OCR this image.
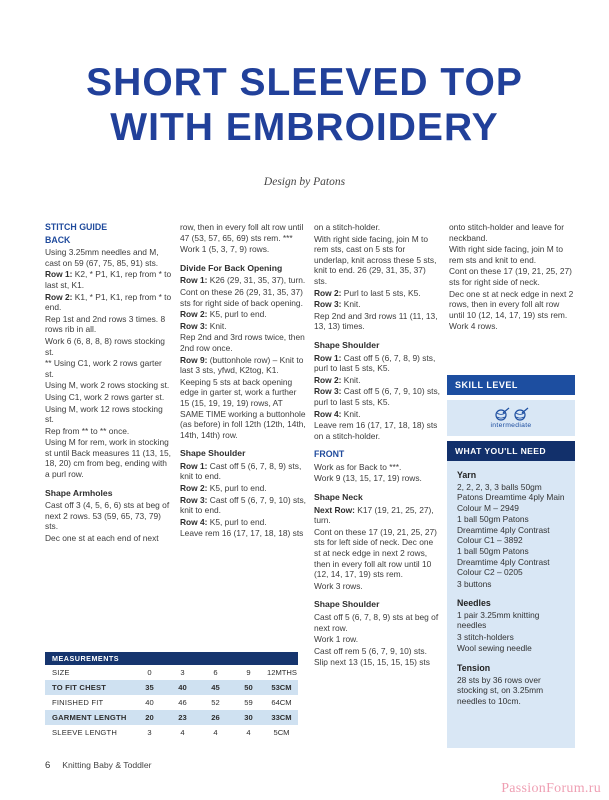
SHORT SLEEVED TOP
WITH EMBROIDERY
Design by Patons
STITCH GUIDE
BACK

Using 3.25mm needles and M, cast on 59 (67, 75, 85, 91) sts.

Row 1: K2, * P1, K1, rep from * to last st, K1.

Row 2: K1, * P1, K1, rep from * to end.

Rep 1st and 2nd rows 3 times. 8 rows rib in all.

Work 6 (6, 8, 8, 8) rows stocking st.

** Using C1, work 2 rows garter st.

Using M, work 2 rows stocking st.

Using C1, work 2 rows garter st.

Using M, work 12 rows stocking st.

Rep from ** to ** once.

Using M for rem, work in stocking st until Back measures 11 (13, 15, 18, 20) cm from beg, ending with a purl row.

Shape Armholes

Cast off 3 (4, 5, 6, 6) sts at beg of next 2 rows. 53 (59, 65, 73, 79) sts.

Dec one st at each end of next

row, then in every foll alt row until 47 (53, 57, 65, 69) sts rem. ***

Work 1 (5, 3, 7, 9) rows.

Divide For Back Opening

Row 1: K26 (29, 31, 35, 37), turn.

Cont on these 26 (29, 31, 35, 37) sts for right side of back opening.

Row 2: K5, purl to end.

Row 3: Knit.

Rep 2nd and 3rd rows twice, then 2nd row once.

Row 9: (buttonhole row) – Knit to last 3 sts, yfwd, K2tog, K1.

Keeping 5 sts at back opening edge in garter st, work a further 15 (15, 19, 19, 19) rows, AT SAME TIME working a buttonhole (as before) in foll 12th (12th, 14th, 14th, 14th) row.

Shape Shoulder

Row 1: Cast off 5 (6, 7, 8, 9) sts, knit to end.

Row 2: K5, purl to end.

Row 3: Cast off 5 (6, 7, 9, 10) sts, knit to end.

Row 4: K5, purl to end.

Leave rem 16 (17, 17, 18, 18) sts

on a stitch-holder.

With right side facing, join M to rem sts, cast on 5 sts for underlap, knit across these 5 sts, knit to end. 26 (29, 31, 35, 37) sts.

Row 2: Purl to last 5 sts, K5.

Row 3: Knit.

Rep 2nd and 3rd rows 11 (11, 13, 13, 13) times.

Shape Shoulder

Row 1: Cast off 5 (6, 7, 8, 9) sts, purl to last 5 sts, K5.

Row 2: Knit.

Row 3: Cast off 5 (6, 7, 9, 10) sts, purl to last 5 sts, K5.

Row 4: Knit.

Leave rem 16 (17, 17, 18, 18) sts on a stitch-holder.

FRONT

Work as for Back to ***.

Work 9 (13, 15, 17, 19) rows.

Shape Neck

Next Row: K17 (19, 21, 25, 27), turn.

Cont on these 17 (19, 21, 25, 27) sts for left side of neck. Dec one st at neck edge in next 2 rows, then in every foll alt row until 10 (12, 14, 17, 19) sts rem.

Work 3 rows.

Shape Shoulder

Cast off 5 (6, 7, 8, 9) sts at beg of next row.

Work 1 row.

Cast off rem 5 (6, 7, 9, 10) sts.

Slip next 13 (15, 15, 15, 15) sts

onto stitch-holder and leave for neckband.

With right side facing, join M to rem sts and knit to end.

Cont on these 17 (19, 21, 25, 27) sts for right side of neck.

Dec one st at neck edge in next 2 rows, then in every foll alt row until 10 (12, 14, 17, 19) sts rem.

Work 4 rows.

SKILL LEVEL
intermediate
WHAT YOU'LL NEED
Yarn

2, 2, 2, 3, 3 balls 50gm Patons Dreamtime 4ply Main Colour M – 2949

1 ball 50gm Patons Dreamtime 4ply Contrast Colour C1 – 3892

1 ball 50gm Patons Dreamtime 4ply Contrast Colour C2 – 0205

3 buttons

Needles

1 pair 3.25mm knitting needles

3 stitch-holders

Wool sewing needle

Tension

28 sts by 36 rows over stocking st, on 3.25mm needles to 10cm.

MEASUREMENTS
SIZE	0	3	6	9	12MTHS
TO FIT CHEST	35	40	45	50	53CM
FINISHED FIT	40	46	52	59	64CM
GARMENT LENGTH	20	23	26	30	33CM
SLEEVE LENGTH	3	4	4	4	5CM
6 Knitting Baby & Toddler
PassionForum.ru
